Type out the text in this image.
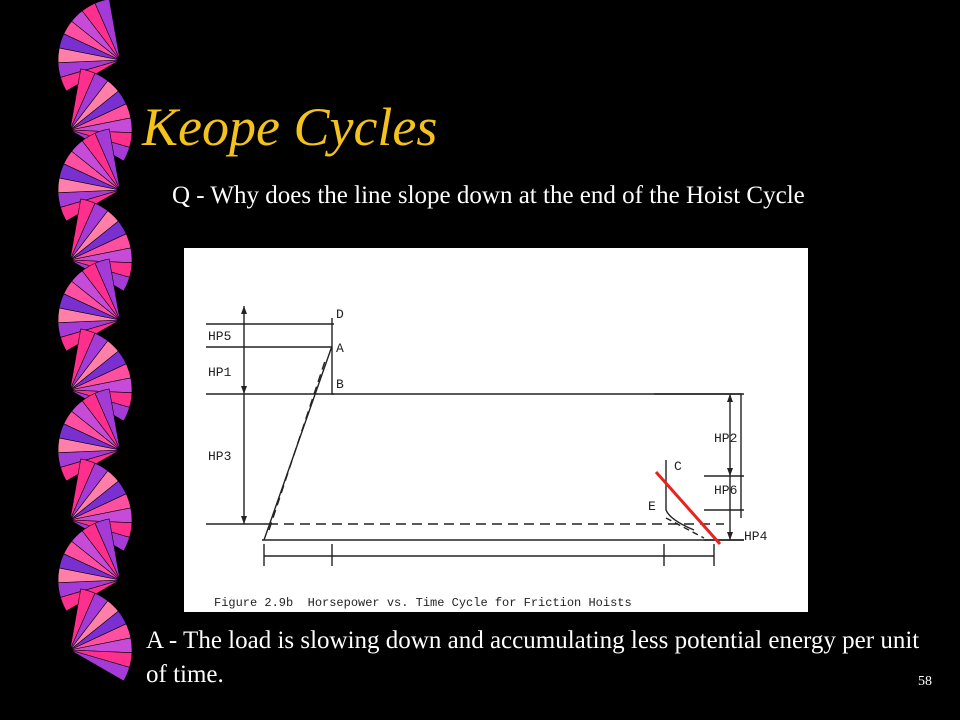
Keope Cycles
Q - Why does the line slope down at the end of the Hoist Cycle
D
A
B
C
E
HP5
HP1
HP3
HP2
HP6
HP4
Figure 2.9b  Horsepower vs. Time Cycle for Friction Hoists
A - The load is slowing down and accumulating less potential energy per unit of time.	58
